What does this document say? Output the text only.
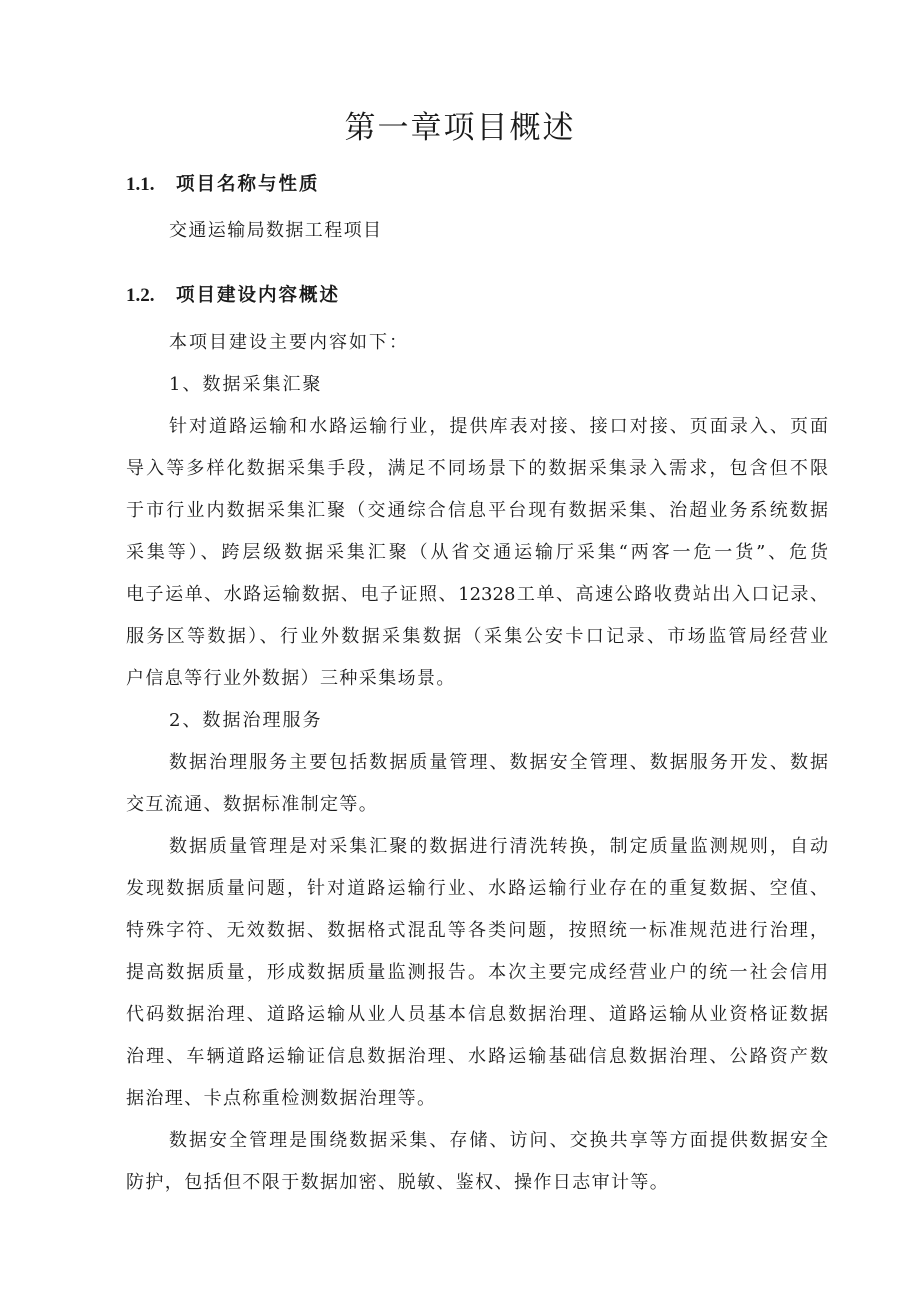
第一章项目概述
1.1. 项目名称与性质

交通运输局数据工程项目

1.2. 项目建设内容概述

本项目建设主要内容如下：

1、数据采集汇聚

针对道路运输和水路运输行业，提供库表对接、接口对接、页面录入、页面

导入等多样化数据采集手段，满足不同场景下的数据采集录入需求，包含但不限

于市行业内数据采集汇聚（交通综合信息平台现有数据采集、治超业务系统数据

采集等）、跨层级数据采集汇聚（从省交通运输厅采集“两客一危一货”、危货

电子运单、水路运输数据、电子证照、12328工单、高速公路收费站出入口记录、

服务区等数据）、行业外数据采集数据（采集公安卡口记录、市场监管局经营业

户信息等行业外数据）三种采集场景。

2、数据治理服务

数据治理服务主要包括数据质量管理、数据安全管理、数据服务开发、数据

交互流通、数据标准制定等。

数据质量管理是对采集汇聚的数据进行清洗转换，制定质量监测规则，自动

发现数据质量问题，针对道路运输行业、水路运输行业存在的重复数据、空值、

特殊字符、无效数据、数据格式混乱等各类问题，按照统一标准规范进行治理，

提高数据质量，形成数据质量监测报告。本次主要完成经营业户的统一社会信用

代码数据治理、道路运输从业人员基本信息数据治理、道路运输从业资格证数据

治理、车辆道路运输证信息数据治理、水路运输基础信息数据治理、公路资产数

据治理、卡点称重检测数据治理等。

数据安全管理是围绕数据采集、存储、访问、交换共享等方面提供数据安全

防护，包括但不限于数据加密、脱敏、鉴权、操作日志审计等。
